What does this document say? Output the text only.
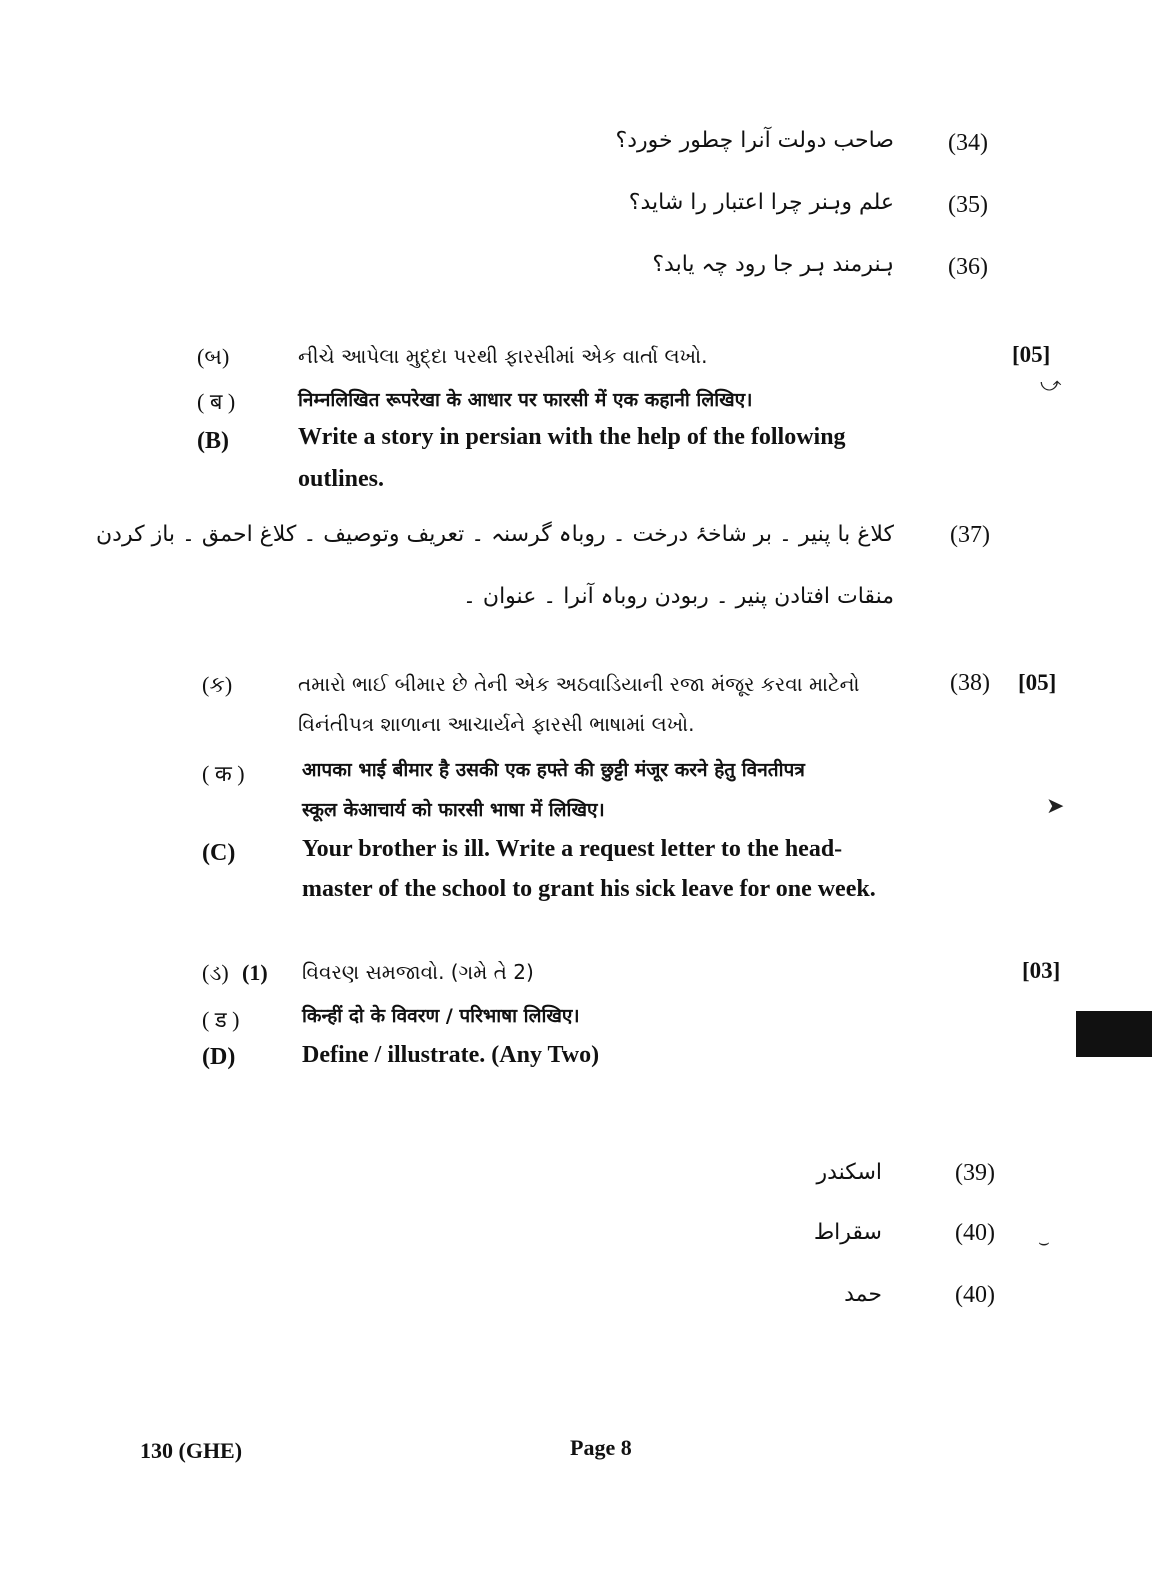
صاحب دولت آنرا چطور خورد؟ (34)
علم وہنر چرا اعتبار را شاید؟ (35)
ہنرمند ہر جا رود چہ یابد؟ (36)
(બ)	નીચે આપેલા મુદ્દા પરથી ફારસીમાં એક વાર્તા લખો.	[05]
( ब )	निम्नलिखित रूपरेखा के आधार पर फारसी में एक कहानी लिखिए।
(B)	Write a story in persian with the help of the following
outlines.
کلاغ با پنیر ۔ بر شاخۂ درخت ۔ روباہ گرسنہ ۔ تعریف وتوصیف ۔ کلاغ احمق ۔ باز کردن (37)
منقات افتادن پنیر ۔ ربودن روباہ آنرا ۔ عنوان ۔
(ક)	તમારો ભાઈ બીમાર છે તેની એક અઠવાડિયાની રજા મંજૂર કરવા માટેનો	(38) [05]
વિનંતીપત્ર શાળાના આચાર્યને ફારસી ભાષામાં લખો.
( क )	आपका भाई बीमार है उसकी एक हफ्ते की छुट्टी मंजूर करने हेतु विनतीपत्र
स्कूल केआचार्य को फारसी भाषा में लिखिए।
(C)	Your brother is ill. Write a request letter to the head-
master of the school to grant his sick leave for one week.
(ડ) (1) વિવરણ સમજાવો. (ગમે તે 2)	[03]
( ड )	किन्हीं दो के विवरण / परिभाषा लिखिए।
(D)	Define / illustrate. (Any Two)
اسکندر	(39)
سقراط	(40)
حمد	(40)
⤻
➤
⌣
130 (GHE)	Page 8
